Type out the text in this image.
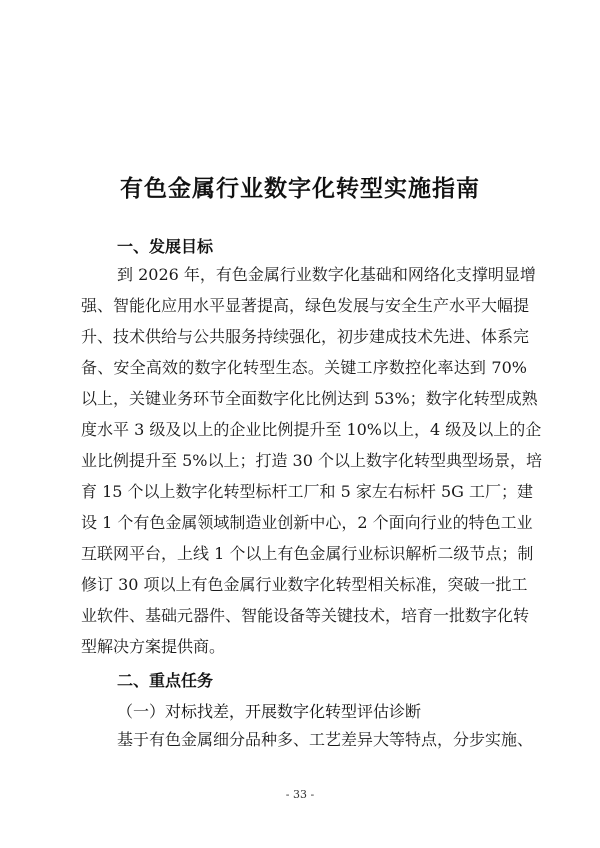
有色金属行业数字化转型实施指南
一、发展目标
到 2026 年，有色金属行业数字化基础和网络化支撑明显增
强、智能化应用水平显著提高，绿色发展与安全生产水平大幅提
升、技术供给与公共服务持续强化，初步建成技术先进、体系完
备、安全高效的数字化转型生态。关键工序数控化率达到 70%
以上，关键业务环节全面数字化比例达到 53%；数字化转型成熟
度水平 3 级及以上的企业比例提升至 10%以上，4 级及以上的企
业比例提升至 5%以上；打造 30 个以上数字化转型典型场景，培
育 15 个以上数字化转型标杆工厂和 5 家左右标杆 5G 工厂；建
设 1 个有色金属领域制造业创新中心，2 个面向行业的特色工业
互联网平台，上线 1 个以上有色金属行业标识解析二级节点；制
修订 30 项以上有色金属行业数字化转型相关标准，突破一批工
业软件、基础元器件、智能设备等关键技术，培育一批数字化转
型解决方案提供商。
二、重点任务
（一）对标找差，开展数字化转型评估诊断
基于有色金属细分品种多、工艺差异大等特点，分步实施、
- 33 -
